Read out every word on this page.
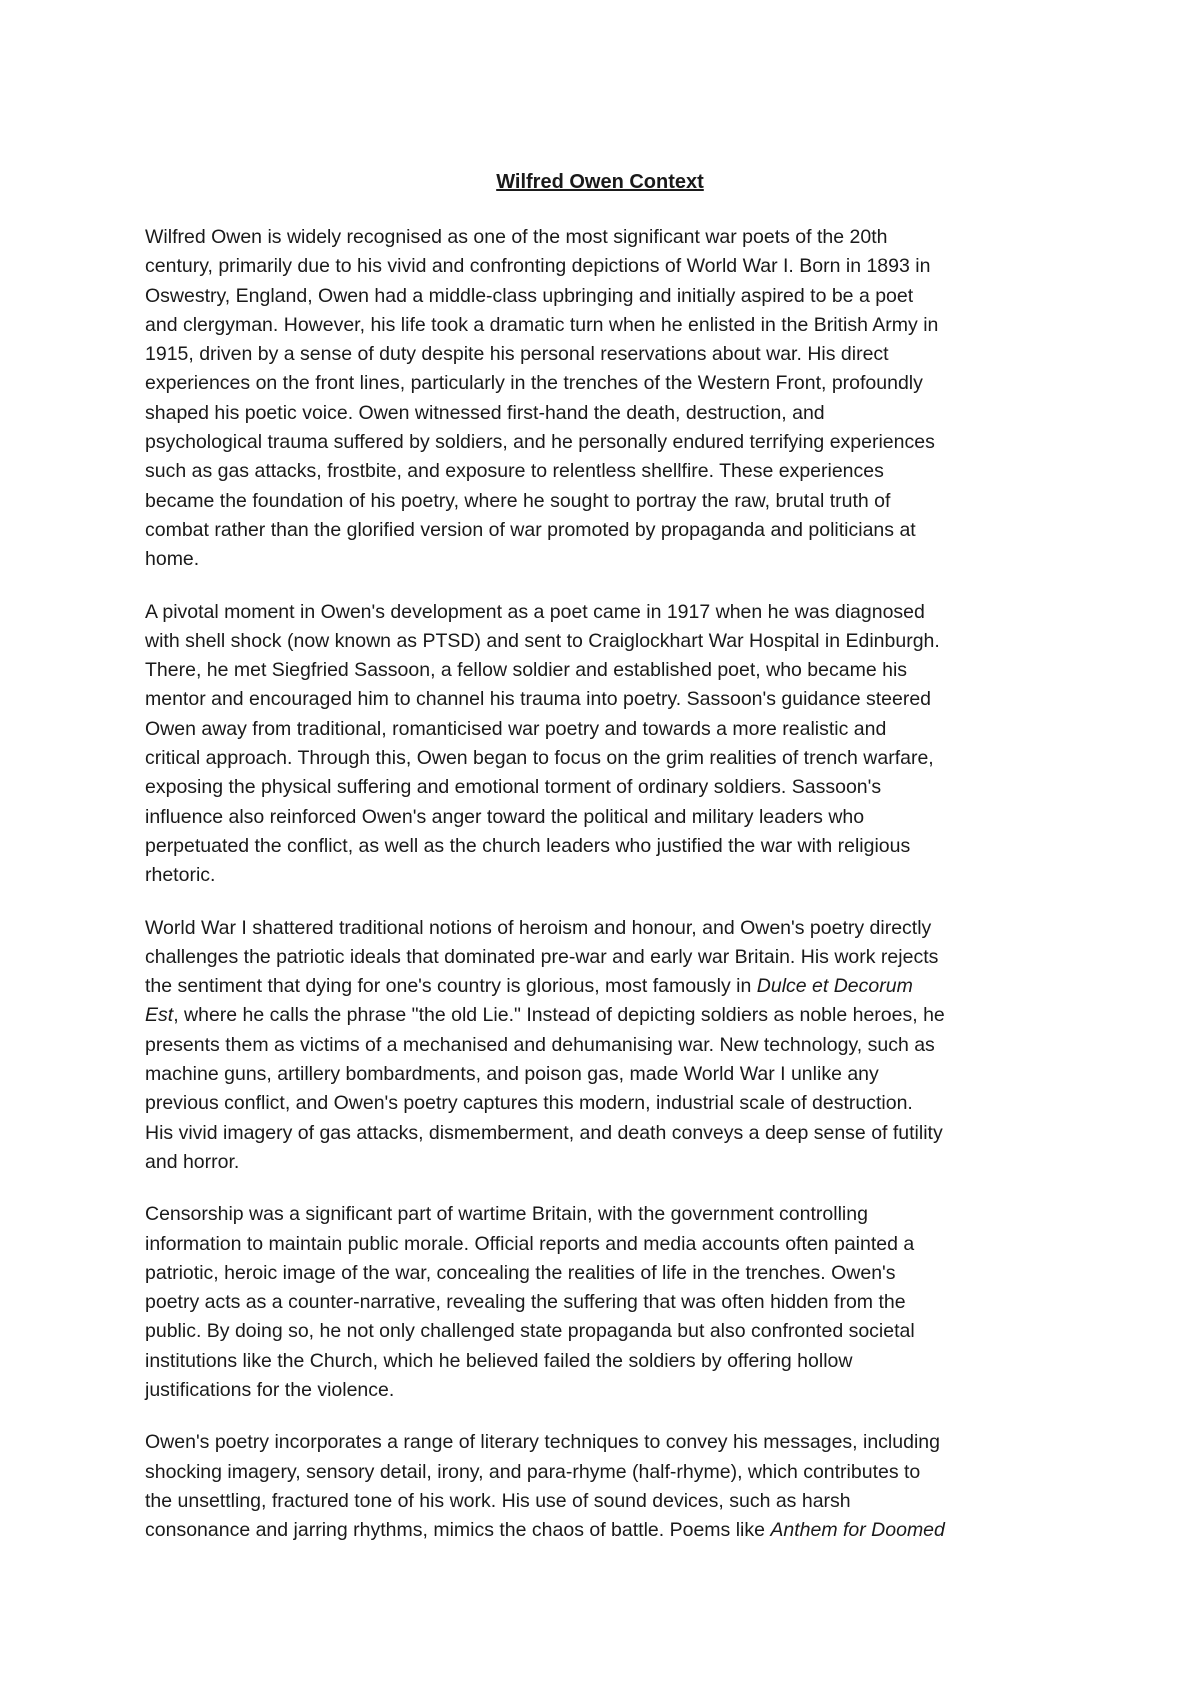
Wilfred Owen Context

Wilfred Owen is widely recognised as one of the most significant war poets of the 20th
century, primarily due to his vivid and confronting depictions of World War I. Born in 1893 in
Oswestry, England, Owen had a middle-class upbringing and initially aspired to be a poet
and clergyman. However, his life took a dramatic turn when he enlisted in the British Army in
1915, driven by a sense of duty despite his personal reservations about war. His direct
experiences on the front lines, particularly in the trenches of the Western Front, profoundly
shaped his poetic voice. Owen witnessed first-hand the death, destruction, and
psychological trauma suffered by soldiers, and he personally endured terrifying experiences
such as gas attacks, frostbite, and exposure to relentless shellfire. These experiences
became the foundation of his poetry, where he sought to portray the raw, brutal truth of
combat rather than the glorified version of war promoted by propaganda and politicians at
home.

A pivotal moment in Owen's development as a poet came in 1917 when he was diagnosed
with shell shock (now known as PTSD) and sent to Craiglockhart War Hospital in Edinburgh.
There, he met Siegfried Sassoon, a fellow soldier and established poet, who became his
mentor and encouraged him to channel his trauma into poetry. Sassoon's guidance steered
Owen away from traditional, romanticised war poetry and towards a more realistic and
critical approach. Through this, Owen began to focus on the grim realities of trench warfare,
exposing the physical suffering and emotional torment of ordinary soldiers. Sassoon's
influence also reinforced Owen's anger toward the political and military leaders who
perpetuated the conflict, as well as the church leaders who justified the war with religious
rhetoric.

World War I shattered traditional notions of heroism and honour, and Owen's poetry directly
challenges the patriotic ideals that dominated pre-war and early war Britain. His work rejects
the sentiment that dying for one's country is glorious, most famously in Dulce et Decorum
Est, where he calls the phrase "the old Lie." Instead of depicting soldiers as noble heroes, he
presents them as victims of a mechanised and dehumanising war. New technology, such as
machine guns, artillery bombardments, and poison gas, made World War I unlike any
previous conflict, and Owen's poetry captures this modern, industrial scale of destruction.
His vivid imagery of gas attacks, dismemberment, and death conveys a deep sense of futility
and horror.

Censorship was a significant part of wartime Britain, with the government controlling
information to maintain public morale. Official reports and media accounts often painted a
patriotic, heroic image of the war, concealing the realities of life in the trenches. Owen's
poetry acts as a counter-narrative, revealing the suffering that was often hidden from the
public. By doing so, he not only challenged state propaganda but also confronted societal
institutions like the Church, which he believed failed the soldiers by offering hollow
justifications for the violence.

Owen's poetry incorporates a range of literary techniques to convey his messages, including
shocking imagery, sensory detail, irony, and para-rhyme (half-rhyme), which contributes to
the unsettling, fractured tone of his work. His use of sound devices, such as harsh
consonance and jarring rhythms, mimics the chaos of battle. Poems like Anthem for Doomed
